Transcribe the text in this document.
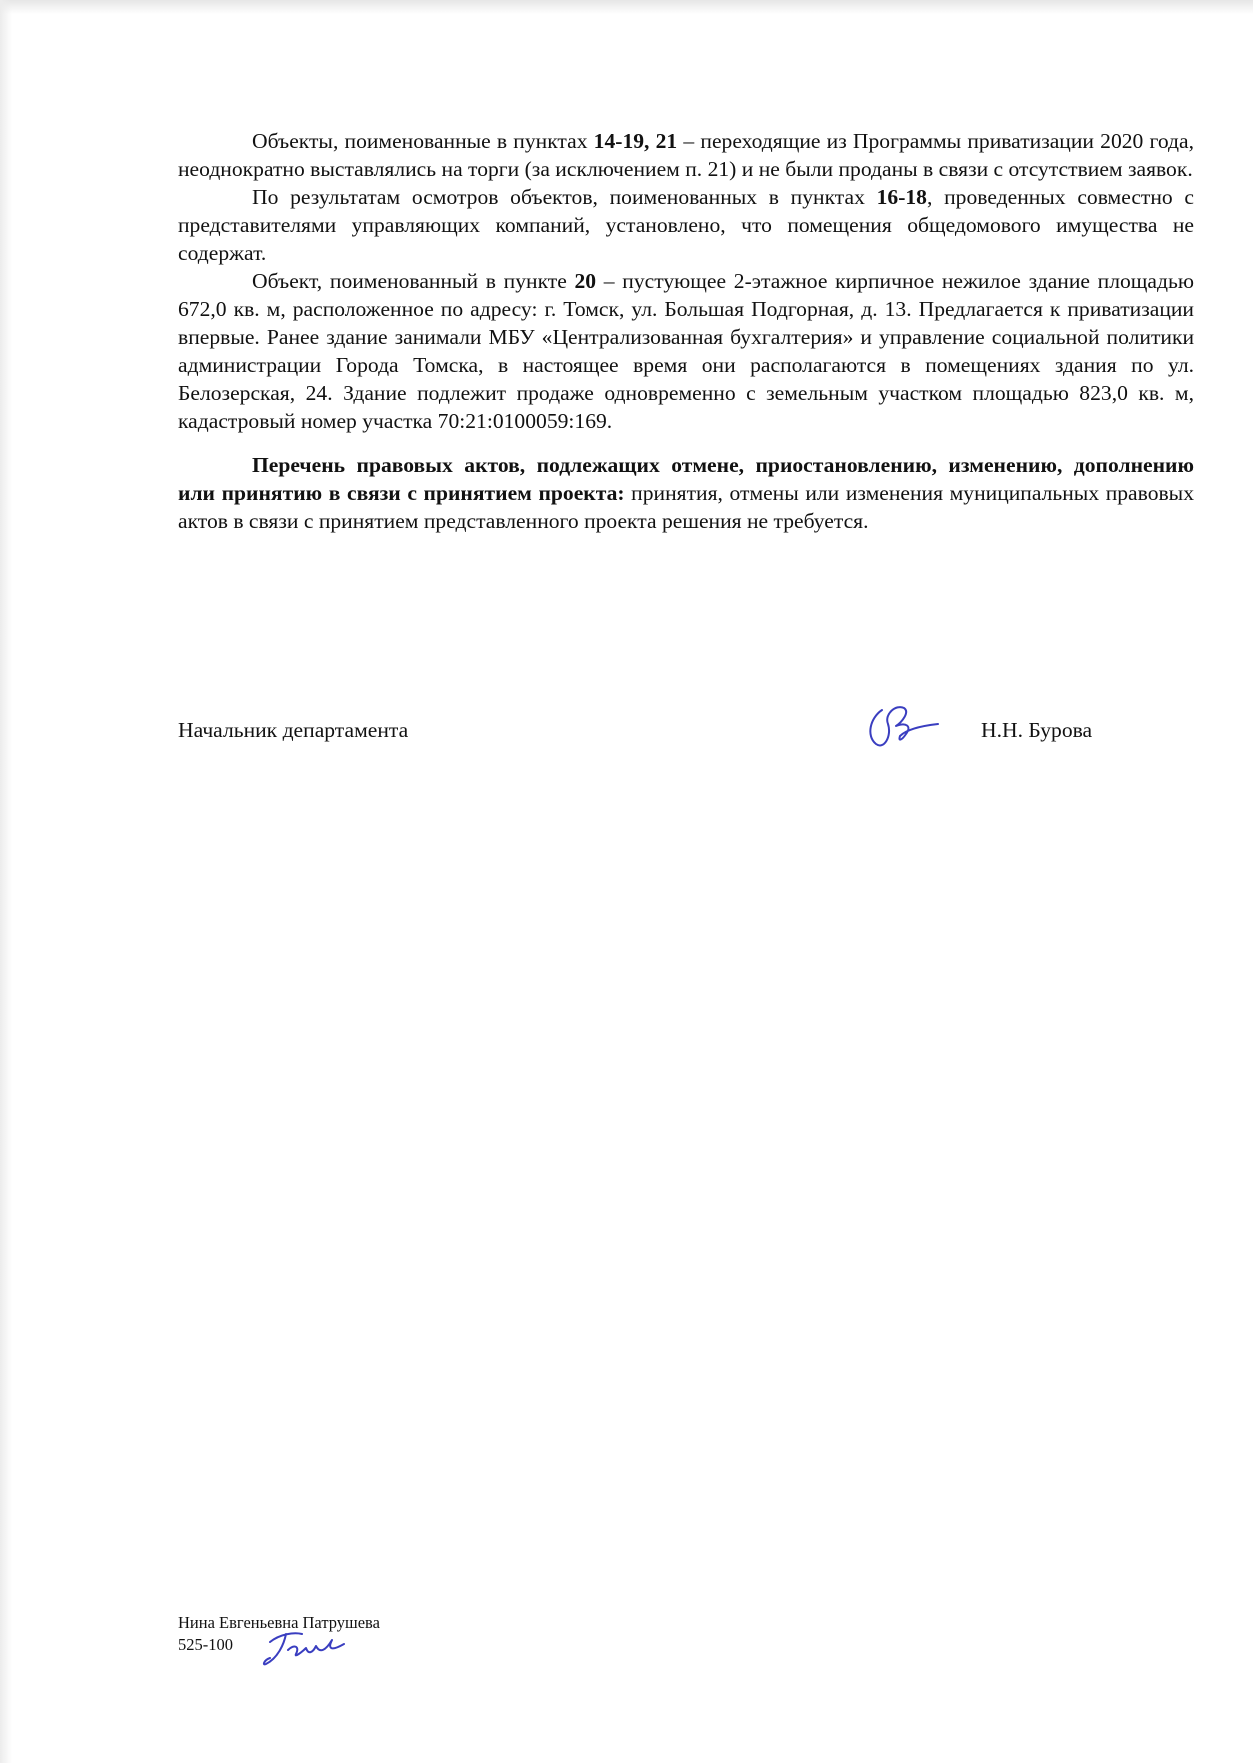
Объекты, поименованные в пунктах 14-19, 21 – переходящие из Программы приватизации 2020 года, неоднократно выставлялись на торги (за исключением п. 21) и не были проданы в связи с отсутствием заявок.

По результатам осмотров объектов, поименованных в пунктах 16-18, проведенных совместно с представителями управляющих компаний, установлено, что помещения общедомового имущества не содержат.

Объект, поименованный в пункте 20 – пустующее 2-этажное кирпичное нежилое здание площадью 672,0 кв. м, расположенное по адресу: г. Томск, ул. Большая Подгорная, д. 13. Предлагается к приватизации впервые. Ранее здание занимали МБУ «Централизованная бухгалтерия» и управление социальной политики администрации Города Томска, в настоящее время они располагаются в помещениях здания по ул. Белозерская, 24. Здание подлежит продаже одновременно с земельным участком площадью 823,0 кв. м, кадастровый номер участка 70:21:0100059:169.

Перечень правовых актов, подлежащих отмене, приостановлению, изменению, дополнению или принятию в связи с принятием проекта: принятия, отмены или изменения муниципальных правовых актов в связи с принятием представленного проекта решения не требуется.

Начальник департамента	Н.Н. Бурова
Нина Евгеньевна Патрушева
525-100
